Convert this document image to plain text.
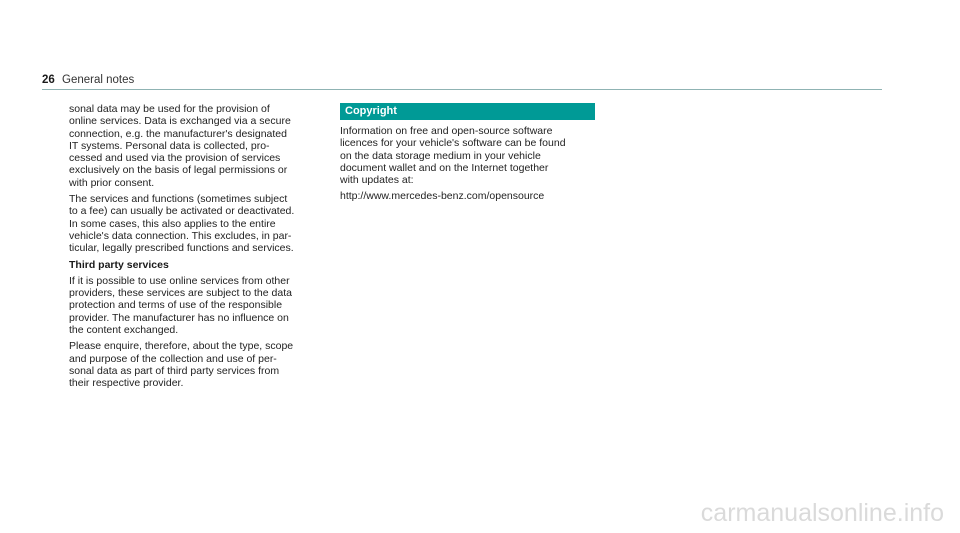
26 General notes

sonal data may be used for the provision of
online services. Data is exchanged via a secure
connection, e.g. the manufacturer's designated
IT systems. Personal data is collected, pro-
cessed and used via the provision of services
exclusively on the basis of legal permissions or
with prior consent.

The services and functions (sometimes subject
to a fee) can usually be activated or deactivated.
In some cases, this also applies to the entire
vehicle's data connection. This excludes, in par-
ticular, legally prescribed functions and services.

Third party services

If it is possible to use online services from other
providers, these services are subject to the data
protection and terms of use of the responsible
provider. The manufacturer has no influence on
the content exchanged.

Please enquire, therefore, about the type, scope
and purpose of the collection and use of per-
sonal data as part of third party services from
their respective provider.

Copyright

Information on free and open-source software
licences for your vehicle's software can be found
on the data storage medium in your vehicle
document wallet and on the Internet together
with updates at:

http://www.mercedes-benz.com/opensource

carmanualsonline.info
